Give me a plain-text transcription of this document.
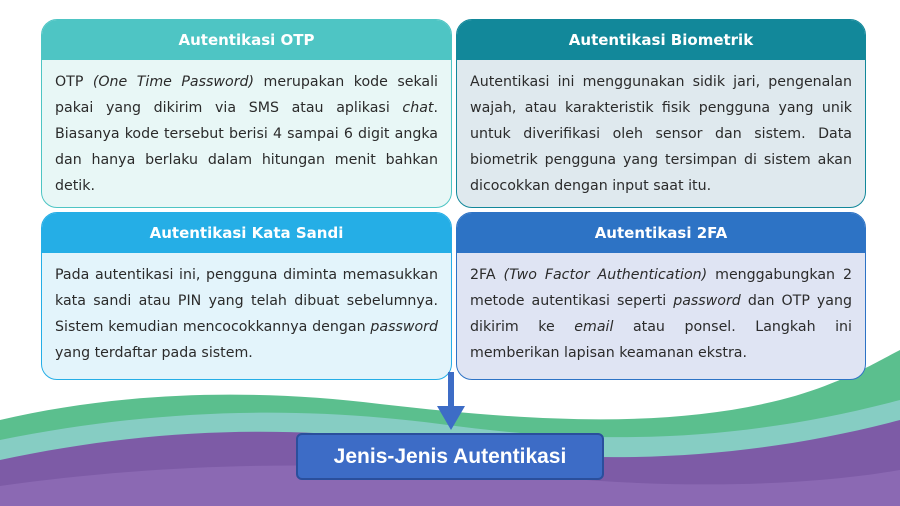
Autentikasi OTP
OTP (One Time Password) merupakan kode sekali pakai yang dikirim via SMS atau aplikasi chat. Biasanya kode tersebut berisi 4 sampai 6 digit angka dan hanya berlaku dalam hitungan menit bahkan detik.
Autentikasi Biometrik
Autentikasi ini menggunakan sidik jari, pengenalan wajah, atau karakteristik fisik pengguna yang unik untuk diverifikasi oleh sensor dan sistem. Data biometrik pengguna yang tersimpan di sistem akan dicocokkan dengan input saat itu.
Autentikasi Kata Sandi
Pada autentikasi ini, pengguna diminta memasukkan kata sandi atau PIN yang telah dibuat sebelumnya. Sistem kemudian mencocokkannya dengan password yang terdaftar pada sistem.
Autentikasi 2FA
2FA (Two Factor Authentication) menggabungkan 2 metode autentikasi seperti password dan OTP yang dikirim ke email atau ponsel. Langkah ini memberikan lapisan keamanan ekstra.
Jenis-Jenis Autentikasi
